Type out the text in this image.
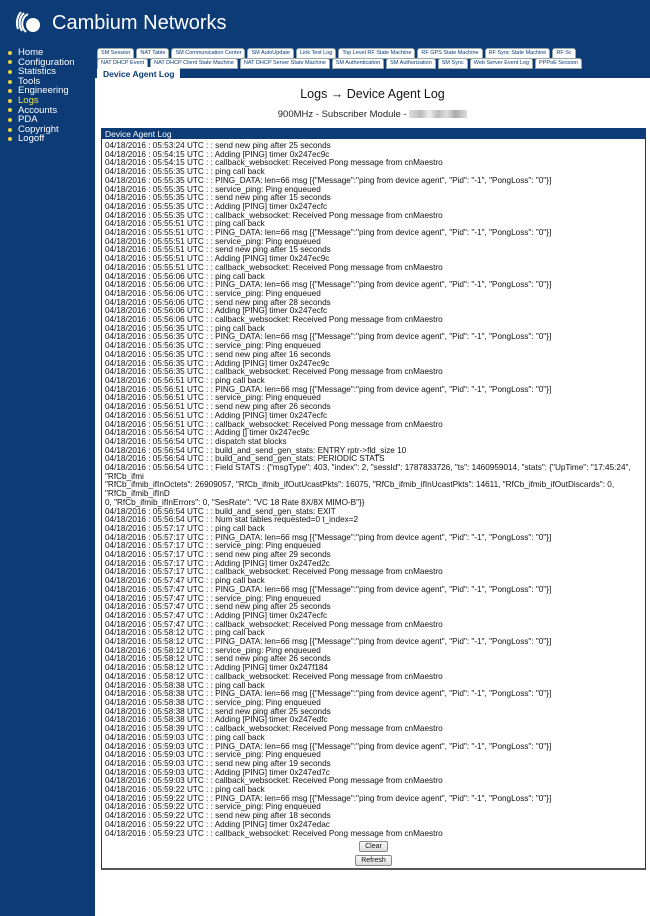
Cambium Networks
Home
Configuration
Statistics
Tools
Engineering
Logs
Accounts
PDA
Copyright
Logoff
SM Session	NAT Table	SM Communication Center	SM AutoUpdate	Link Test Log	Top Level RF State Machine	RF GPS State Machine	RF Sync State Machine	RF Sc
NAT DHCP Event	NAT DHCP Client State Machine	NAT DHCP Server State Machine	SM Authentication	SM Authorization	SM Sync	Web Server Event Log	PPPoE Session
Device Agent Log
Logs → Device Agent Log
900MHz - Subscriber Module -
Device Agent Log
04/18/2016 : 05:53:24 UTC : : send new ping after 25 seconds
04/18/2016 : 05:54:15 UTC : : Adding [PING] timer 0x247ec9c
04/18/2016 : 05:54:15 UTC : : callback_websocket: Received Pong message from cnMaestro
04/18/2016 : 05:55:35 UTC : : ping call back
04/18/2016 : 05:55:35 UTC : : PING_DATA: len=66 msg [{"Message":"ping from device agent", "Pid": "-1", "PongLoss": "0"}]
04/18/2016 : 05:55:35 UTC : : service_ping: Ping enqueued
04/18/2016 : 05:55:35 UTC : : send new ping after 15 seconds
04/18/2016 : 05:55:35 UTC : : Adding [PING] timer 0x247ecfc
04/18/2016 : 05:55:35 UTC : : callback_websocket: Received Pong message from cnMaestro
04/18/2016 : 05:55:51 UTC : : ping call back
04/18/2016 : 05:55:51 UTC : : PING_DATA: len=66 msg [{"Message":"ping from device agent", "Pid": "-1", "PongLoss": "0"}]
04/18/2016 : 05:55:51 UTC : : service_ping: Ping enqueued
04/18/2016 : 05:55:51 UTC : : send new ping after 15 seconds
04/18/2016 : 05:55:51 UTC : : Adding [PING] timer 0x247ec9c
04/18/2016 : 05:55:51 UTC : : callback_websocket: Received Pong message from cnMaestro
04/18/2016 : 05:56:06 UTC : : ping call back
04/18/2016 : 05:56:06 UTC : : PING_DATA: len=66 msg [{"Message":"ping from device agent", "Pid": "-1", "PongLoss": "0"}]
04/18/2016 : 05:56:06 UTC : : service_ping: Ping enqueued
04/18/2016 : 05:56:06 UTC : : send new ping after 28 seconds
04/18/2016 : 05:56:06 UTC : : Adding [PING] timer 0x247ecfc
04/18/2016 : 05:56:06 UTC : : callback_websocket: Received Pong message from cnMaestro
04/18/2016 : 05:56:35 UTC : : ping call back
04/18/2016 : 05:56:35 UTC : : PING_DATA: len=66 msg [{"Message":"ping from device agent", "Pid": "-1", "PongLoss": "0"}]
04/18/2016 : 05:56:35 UTC : : service_ping: Ping enqueued
04/18/2016 : 05:56:35 UTC : : send new ping after 16 seconds
04/18/2016 : 05:56:35 UTC : : Adding [PING] timer 0x247ec9c
04/18/2016 : 05:56:35 UTC : : callback_websocket: Received Pong message from cnMaestro
04/18/2016 : 05:56:51 UTC : : ping call back
04/18/2016 : 05:56:51 UTC : : PING_DATA: len=66 msg [{"Message":"ping from device agent", "Pid": "-1", "PongLoss": "0"}]
04/18/2016 : 05:56:51 UTC : : service_ping: Ping enqueued
04/18/2016 : 05:56:51 UTC : : send new ping after 26 seconds
04/18/2016 : 05:56:51 UTC : : Adding [PING] timer 0x247ecfc
04/18/2016 : 05:56:51 UTC : : callback_websocket: Received Pong message from cnMaestro
04/18/2016 : 05:56:54 UTC : : Adding [] timer 0x247ec9c
04/18/2016 : 05:56:54 UTC : : dispatch stat blocks
04/18/2016 : 05:56:54 UTC : : build_and_send_gen_stats: ENTRY rptr->fld_size 10
04/18/2016 : 05:56:54 UTC : : build_and_send_gen_stats: PERIODIC STATS
04/18/2016 : 05:56:54 UTC : : Field STATS : {"msgType": 403, "index": 2, "sessId": 1787833726, "ts": 1460959014, "stats": {"UpTime": "17:45:24", "RfCb_ifmi
"RfCb_ifmib_ifInOctets": 26909057, "RfCb_ifmib_ifOutUcastPkts": 16075, "RfCb_ifmib_ifInUcastPkts": 14611, "RfCb_ifmib_ifOutDiscards": 0, "RfCb_ifmib_ifInD
0, "RfCb_ifmib_ifInErrors": 0, "SesRate": "VC 18 Rate 8X/8X MIMO-B"}}
04/18/2016 : 05:56:54 UTC : : build_and_send_gen_stats: EXIT
04/18/2016 : 05:56:54 UTC : : Num stat tables requested=0 t_index=2
04/18/2016 : 05:57:17 UTC : : ping call back
04/18/2016 : 05:57:17 UTC : : PING_DATA: len=66 msg [{"Message":"ping from device agent", "Pid": "-1", "PongLoss": "0"}]
04/18/2016 : 05:57:17 UTC : : service_ping: Ping enqueued
04/18/2016 : 05:57:17 UTC : : send new ping after 29 seconds
04/18/2016 : 05:57:17 UTC : : Adding [PING] timer 0x247ed2c
04/18/2016 : 05:57:17 UTC : : callback_websocket: Received Pong message from cnMaestro
04/18/2016 : 05:57:47 UTC : : ping call back
04/18/2016 : 05:57:47 UTC : : PING_DATA: len=66 msg [{"Message":"ping from device agent", "Pid": "-1", "PongLoss": "0"}]
04/18/2016 : 05:57:47 UTC : : service_ping: Ping enqueued
04/18/2016 : 05:57:47 UTC : : send new ping after 25 seconds
04/18/2016 : 05:57:47 UTC : : Adding [PING] timer 0x247ecfc
04/18/2016 : 05:57:47 UTC : : callback_websocket: Received Pong message from cnMaestro
04/18/2016 : 05:58:12 UTC : : ping call back
04/18/2016 : 05:58:12 UTC : : PING_DATA: len=66 msg [{"Message":"ping from device agent", "Pid": "-1", "PongLoss": "0"}]
04/18/2016 : 05:58:12 UTC : : service_ping: Ping enqueued
04/18/2016 : 05:58:12 UTC : : send new ping after 26 seconds
04/18/2016 : 05:58:12 UTC : : Adding [PING] timer 0x247f184
04/18/2016 : 05:58:12 UTC : : callback_websocket: Received Pong message from cnMaestro
04/18/2016 : 05:58:38 UTC : : ping call back
04/18/2016 : 05:58:38 UTC : : PING_DATA: len=66 msg [{"Message":"ping from device agent", "Pid": "-1", "PongLoss": "0"}]
04/18/2016 : 05:58:38 UTC : : service_ping: Ping enqueued
04/18/2016 : 05:58:38 UTC : : send new ping after 25 seconds
04/18/2016 : 05:58:38 UTC : : Adding [PING] timer 0x247edfc
04/18/2016 : 05:58:39 UTC : : callback_websocket: Received Pong message from cnMaestro
04/18/2016 : 05:59:03 UTC : : ping call back
04/18/2016 : 05:59:03 UTC : : PING_DATA: len=66 msg [{"Message":"ping from device agent", "Pid": "-1", "PongLoss": "0"}]
04/18/2016 : 05:59:03 UTC : : service_ping: Ping enqueued
04/18/2016 : 05:59:03 UTC : : send new ping after 19 seconds
04/18/2016 : 05:59:03 UTC : : Adding [PING] timer 0x247ed7c
04/18/2016 : 05:59:03 UTC : : callback_websocket: Received Pong message from cnMaestro
04/18/2016 : 05:59:22 UTC : : ping call back
04/18/2016 : 05:59:22 UTC : : PING_DATA: len=66 msg [{"Message":"ping from device agent", "Pid": "-1", "PongLoss": "0"}]
04/18/2016 : 05:59:22 UTC : : service_ping: Ping enqueued
04/18/2016 : 05:59:22 UTC : : send new ping after 18 seconds
04/18/2016 : 05:59:22 UTC : : Adding [PING] timer 0x247edac
04/18/2016 : 05:59:23 UTC : : callback_websocket: Received Pong message from cnMaestro
Clear
Refresh
